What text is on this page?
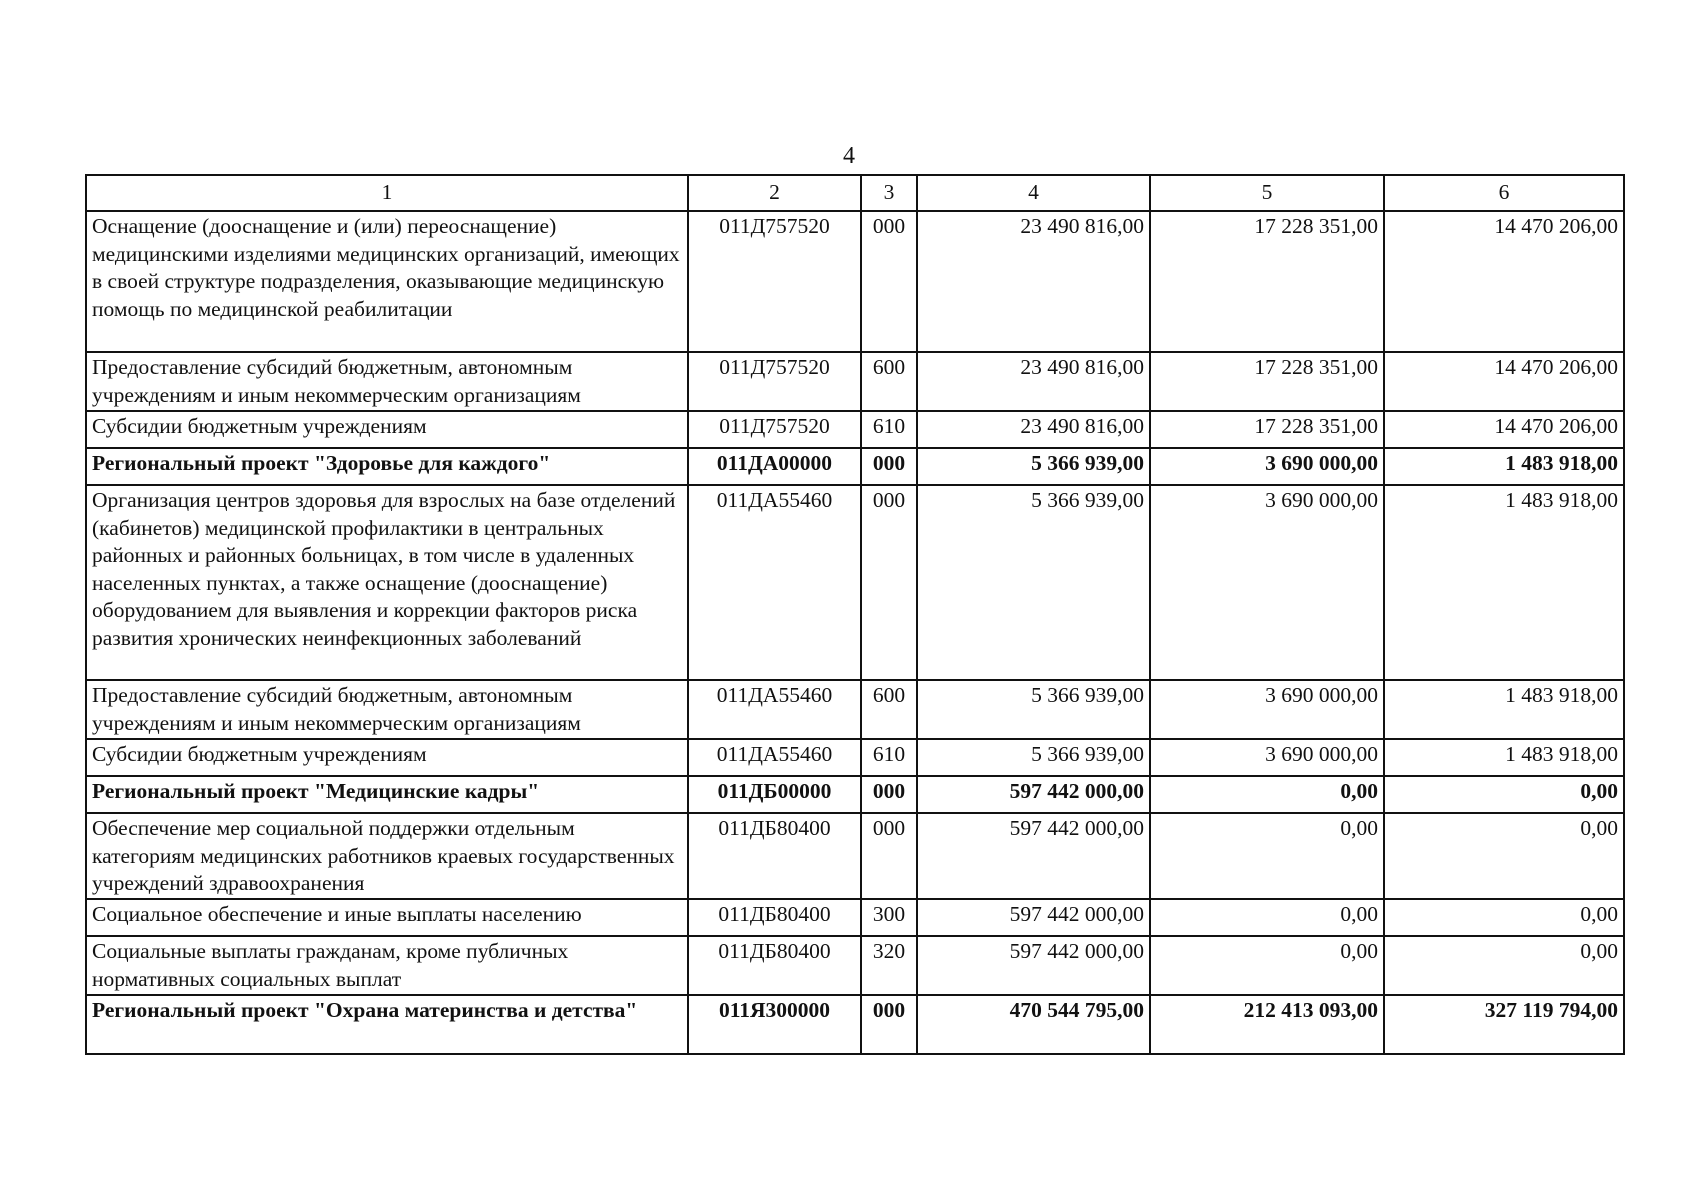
4
1	2	3	4	5	6
Оснащение (дооснащение и (или) переоснащение) медицинскими изделиями медицинских организаций, имеющих в своей структуре подразделения, оказывающие медицинскую помощь по медицинской реабилитации	011Д757520	000	23 490 816,00	17 228 351,00	14 470 206,00
Предоставление субсидий бюджетным, автономным учреждениям и иным некоммерческим организациям	011Д757520	600	23 490 816,00	17 228 351,00	14 470 206,00
Субсидии бюджетным учреждениям	011Д757520	610	23 490 816,00	17 228 351,00	14 470 206,00
Региональный проект "Здоровье для каждого"	011ДА00000	000	5 366 939,00	3 690 000,00	1 483 918,00
Организация центров здоровья для взрослых на базе отделений (кабинетов) медицинской профилактики в центральных районных и районных больницах, в том числе в удаленных населенных пунктах, а также оснащение (дооснащение) оборудованием для выявления и коррекции факторов риска развития хронических неинфекционных заболеваний	011ДА55460	000	5 366 939,00	3 690 000,00	1 483 918,00
Предоставление субсидий бюджетным, автономным учреждениям и иным некоммерческим организациям	011ДА55460	600	5 366 939,00	3 690 000,00	1 483 918,00
Субсидии бюджетным учреждениям	011ДА55460	610	5 366 939,00	3 690 000,00	1 483 918,00
Региональный проект "Медицинские кадры"	011ДБ00000	000	597 442 000,00	0,00	0,00
Обеспечение мер социальной поддержки отдельным категориям медицинских работников краевых государственных учреждений здравоохранения	011ДБ80400	000	597 442 000,00	0,00	0,00
Социальное обеспечение и иные выплаты населению	011ДБ80400	300	597 442 000,00	0,00	0,00
Социальные выплаты гражданам, кроме публичных нормативных социальных выплат	011ДБ80400	320	597 442 000,00	0,00	0,00
Региональный проект "Охрана материнства и детства"	011Я300000	000	470 544 795,00	212 413 093,00	327 119 794,00
